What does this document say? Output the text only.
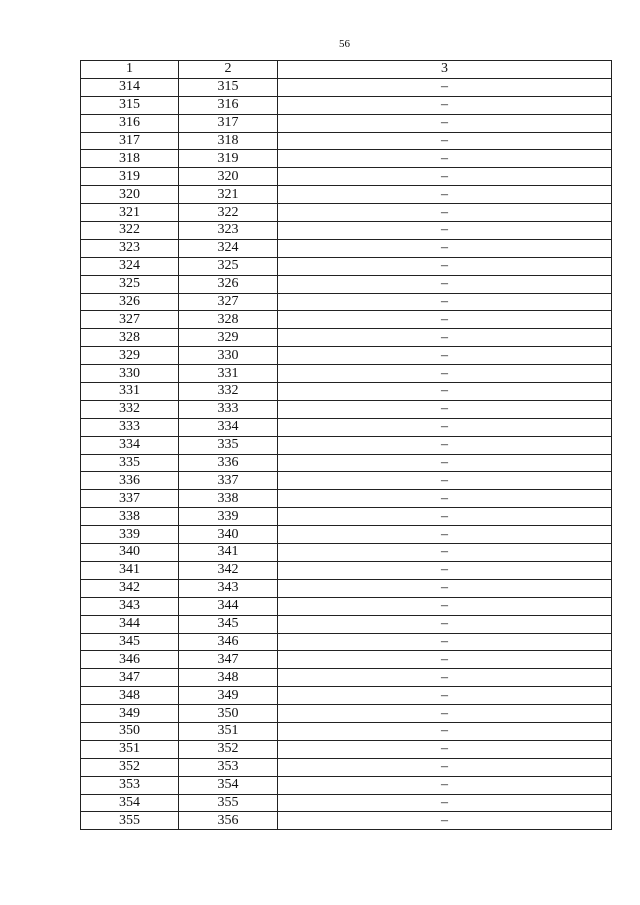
56
1	2	3
314	315	–
315	316	–
316	317	–
317	318	–
318	319	–
319	320	–
320	321	–
321	322	–
322	323	–
323	324	–
324	325	–
325	326	–
326	327	–
327	328	–
328	329	–
329	330	–
330	331	–
331	332	–
332	333	–
333	334	–
334	335	–
335	336	–
336	337	–
337	338	–
338	339	–
339	340	–
340	341	–
341	342	–
342	343	–
343	344	–
344	345	–
345	346	–
346	347	–
347	348	–
348	349	–
349	350	–
350	351	–
351	352	–
352	353	–
353	354	–
354	355	–
355	356	–
